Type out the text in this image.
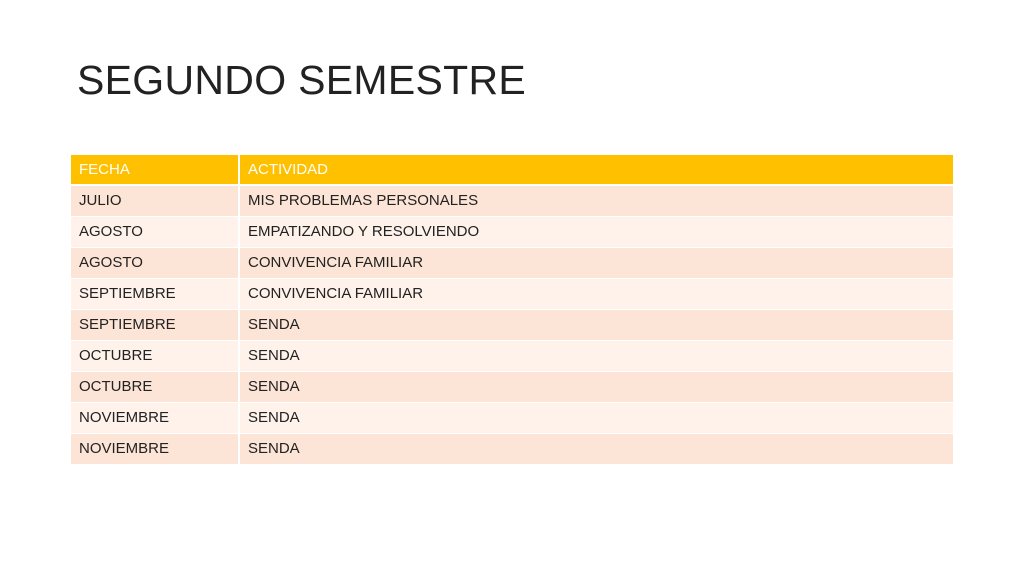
SEGUNDO SEMESTRE
FECHA	ACTIVIDAD
JULIO	MIS PROBLEMAS PERSONALES
AGOSTO	EMPATIZANDO Y RESOLVIENDO
AGOSTO	CONVIVENCIA FAMILIAR
SEPTIEMBRE	CONVIVENCIA FAMILIAR
SEPTIEMBRE	SENDA
OCTUBRE	SENDA
OCTUBRE	SENDA
NOVIEMBRE	SENDA
NOVIEMBRE	SENDA
